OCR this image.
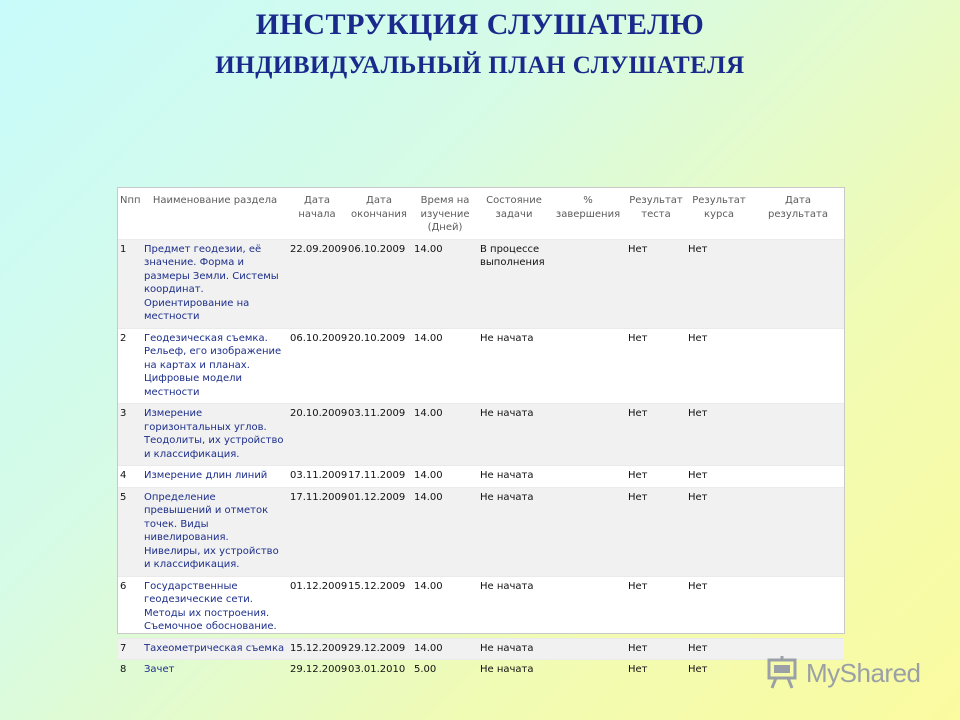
ИНСТРУКЦИЯ СЛУШАТЕЛЮ
ИНДИВИДУАЛЬНЫЙ ПЛАН СЛУШАТЕЛЯ
Nпп	Наименование раздела	Дата начала	Дата окончания	Время на изучение (Дней)	Состояние задачи	% завершения	Результат теста	Результат курса	Дата результата
1	Предмет геодезии, её значение. Форма и размеры Земли. Системы координат. Ориентирование на местности	22.09.2009	06.10.2009	14.00	В процессе выполнения		Нет	Нет	
2	Геодезическая съемка. Рельеф, его изображение на картах и планах. Цифровые модели местности	06.10.2009	20.10.2009	14.00	Не начата		Нет	Нет	
3	Измерение горизонтальных углов. Теодолиты, их устройство и классификация.	20.10.2009	03.11.2009	14.00	Не начата		Нет	Нет	
4	Измерение длин линий	03.11.2009	17.11.2009	14.00	Не начата		Нет	Нет	
5	Определение превышений и отметок точек. Виды нивелирования. Нивелиры, их устройство и классификация.	17.11.2009	01.12.2009	14.00	Не начата		Нет	Нет	
6	Государственные геодезические сети. Методы их построения. Съемочное обоснование.	01.12.2009	15.12.2009	14.00	Не начата		Нет	Нет	
7	Тахеометрическая съемка	15.12.2009	29.12.2009	14.00	Не начата		Нет	Нет	
8	Зачет	29.12.2009	03.01.2010	5.00	Не начата		Нет	Нет		MyShared
